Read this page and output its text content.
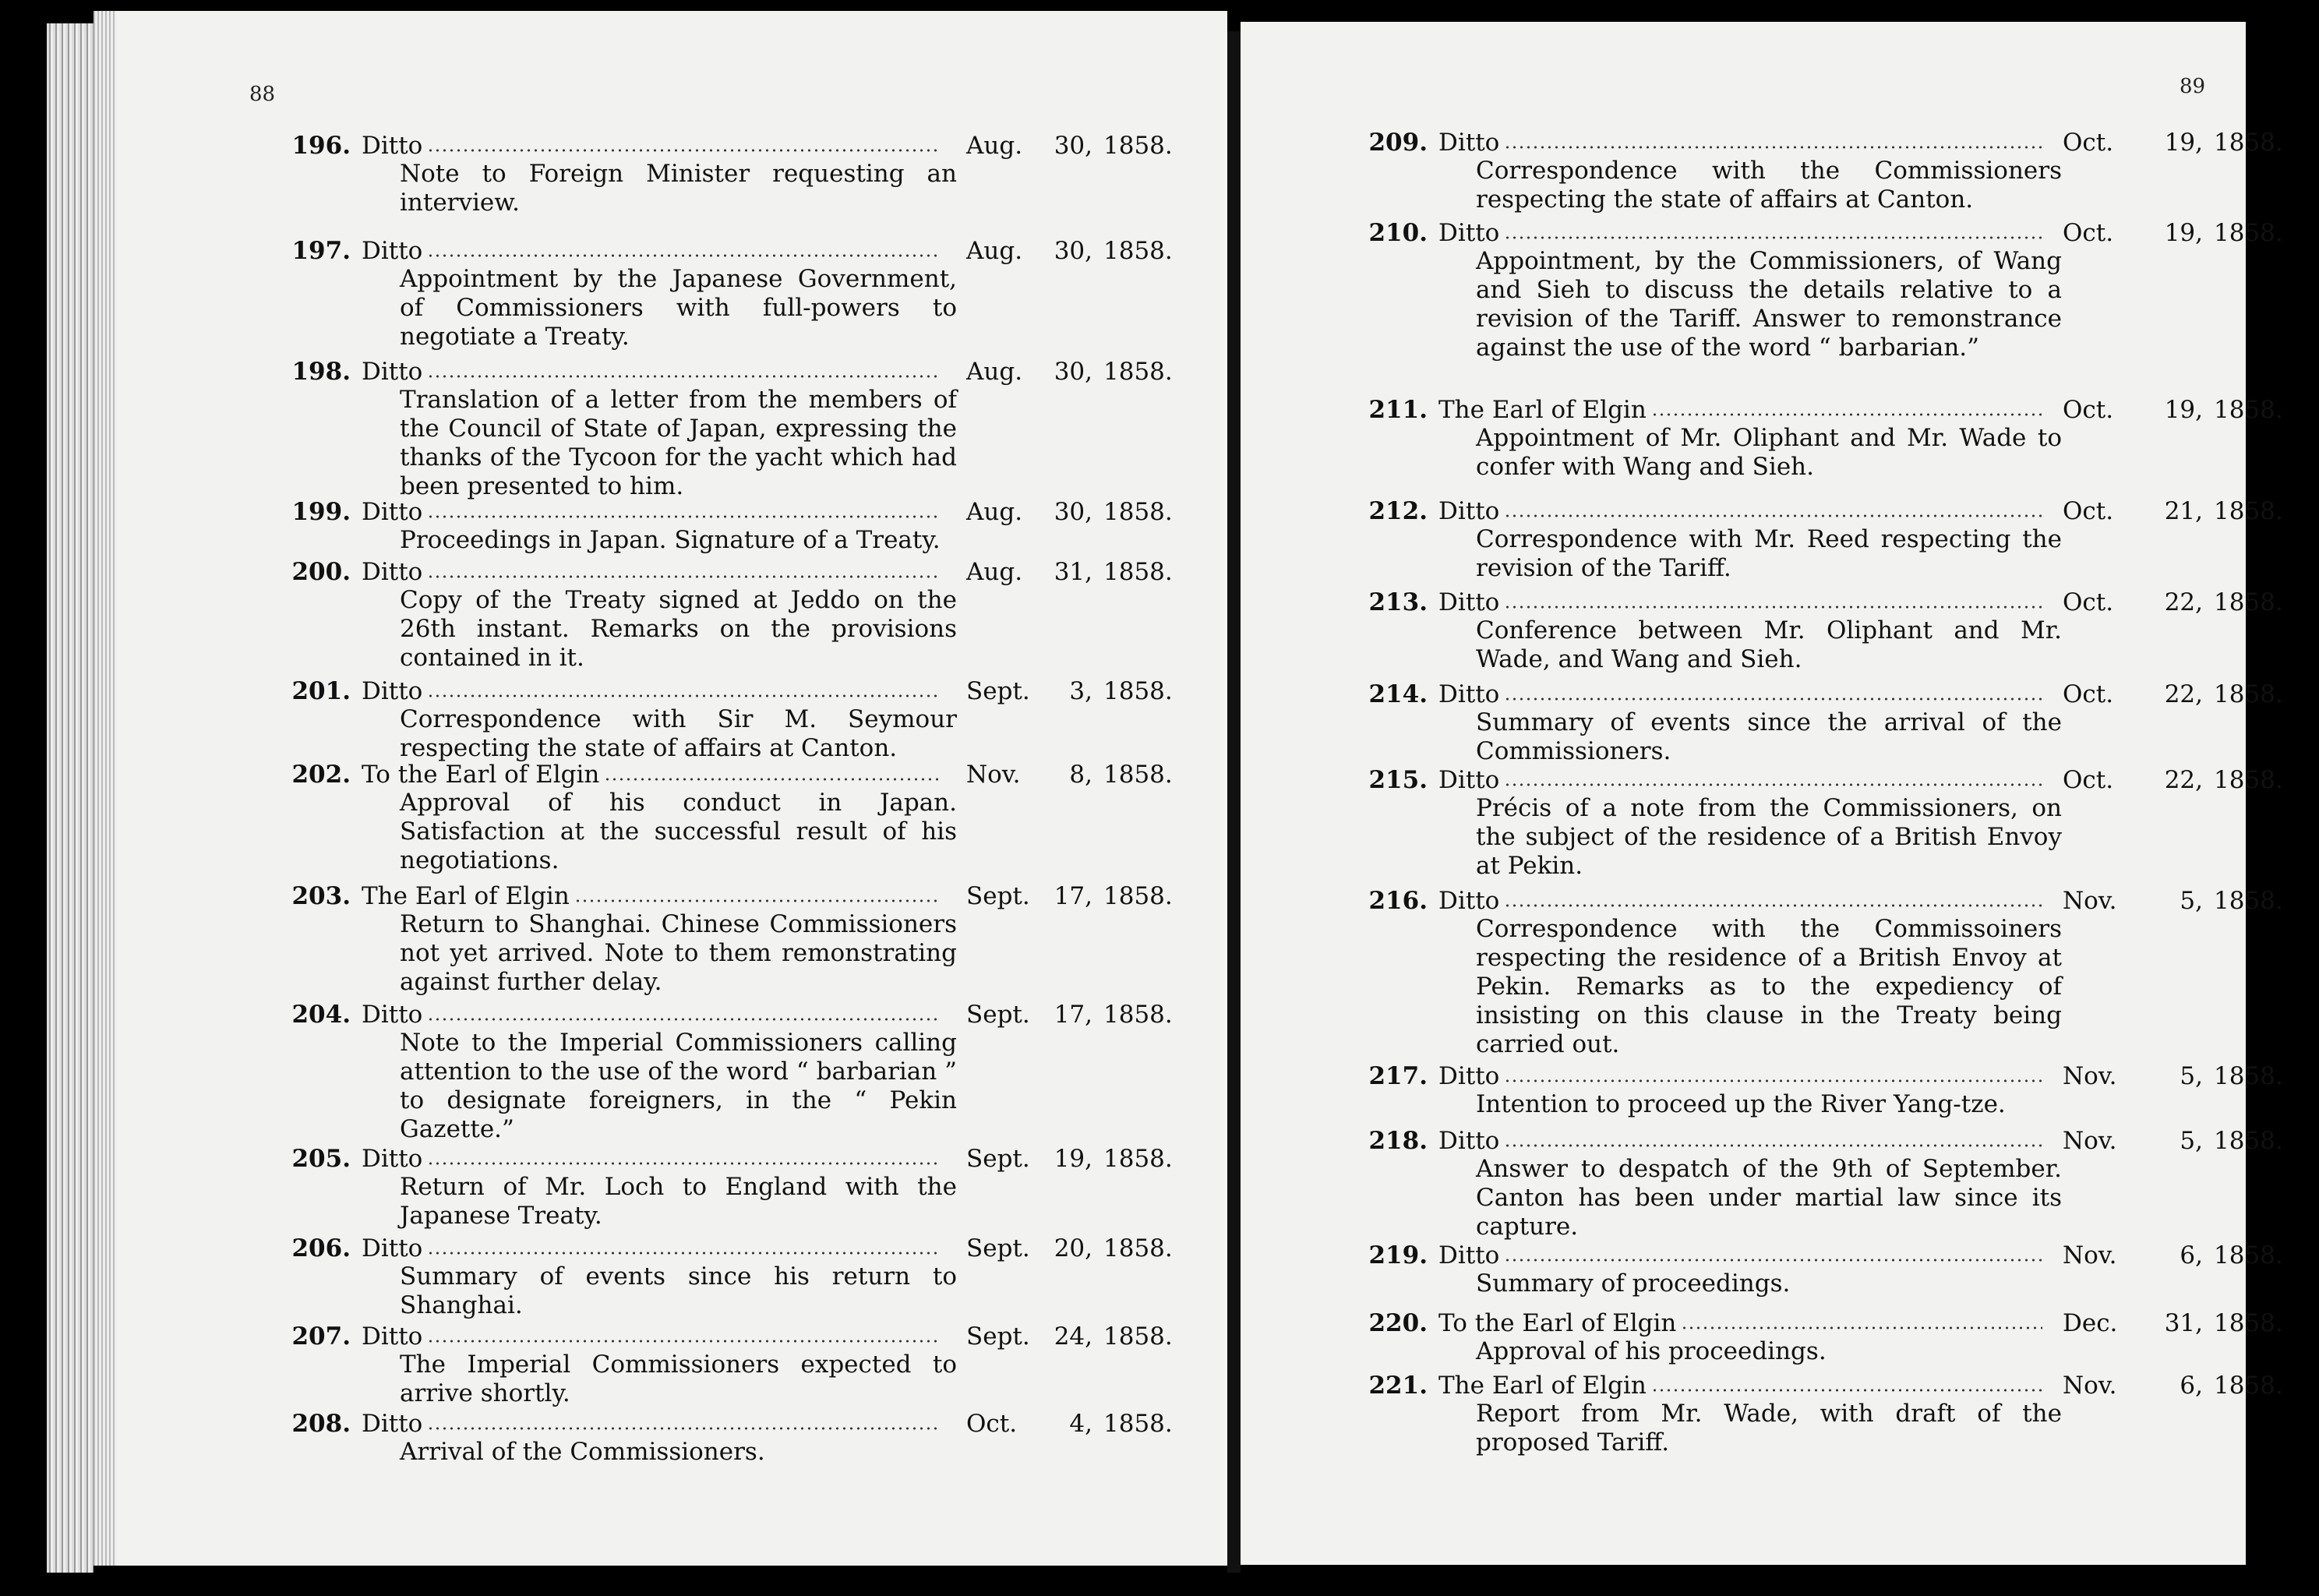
88
196. Ditto	Aug.	30, 1858.
Note to Foreign Minister requesting an interview.
197. Ditto	Aug.	30, 1858.
Appointment by the Japanese Government, of Commissioners with full-powers to negotiate a Treaty.
198. Ditto	Aug.	30, 1858.
Translation of a letter from the members of the Council of State of Japan, expressing the thanks of the Tycoon for the yacht which had been presented to him.
199. Ditto	Aug.	30, 1858.
Proceedings in Japan. Signature of a Treaty.
200. Ditto	Aug.	31, 1858.
Copy of the Treaty signed at Jeddo on the 26th instant. Remarks on the provisions contained in it.
201. Ditto	Sept.	3, 1858.
Correspondence with Sir M. Seymour respecting the state of affairs at Canton.
202. To the Earl of Elgin	Nov.	8, 1858.
Approval of his conduct in Japan. Satisfaction at the successful result of his negotiations.
203. The Earl of Elgin	Sept. 17, 1858.
Return to Shanghai. Chinese Commissioners not yet arrived. Note to them remonstrating against further delay.
204. Ditto	Sept. 17, 1858.
Note to the Imperial Commissioners calling attention to the use of the word “ barbarian ” to designate foreigners, in the “ Pekin Gazette.”
205. Ditto	Sept. 19, 1858.
Return of Mr. Loch to England with the Japanese Treaty.
206. Ditto	Sept. 20, 1858.
Summary of events since his return to Shanghai.
207. Ditto	Sept. 24, 1858.
The Imperial Commissioners expected to arrive shortly.
208. Ditto	Oct.	4, 1858.
Arrival of the Commissioners.
89
209. Ditto	Oct.	19, 1858.
Correspondence with the Commissioners respecting the state of affairs at Canton.
210. Ditto	Oct.	19, 1858.
Appointment, by the Commissioners, of Wang and Sieh to discuss the details relative to a revision of the Tariff. Answer to remonstrance against the use of the word “ barbarian.”
211. The Earl of Elgin	Oct.	19, 1858.
Appointment of Mr. Oliphant and Mr. Wade to confer with Wang and Sieh.
212. Ditto	Oct.	21, 1858.
Correspondence with Mr. Reed respecting the revision of the Tariff.
213. Ditto	Oct.	22, 1858.
Conference between Mr. Oliphant and Mr. Wade, and Wang and Sieh.
214. Ditto	Oct.	22, 1858.
Summary of events since the arrival of the Commissioners.
215. Ditto	Oct.	22, 1858.
Précis of a note from the Commissioners, on the subject of the residence of a British Envoy at Pekin.
216. Ditto	Nov.	5, 1858.
Correspondence with the Commissoiners respecting the residence of a British Envoy at Pekin. Remarks as to the expediency of insisting on this clause in the Treaty being carried out.
217. Ditto	Nov.	5, 1858.
Intention to proceed up the River Yang-tze.
218. Ditto	Nov.	5, 1858.
Answer to despatch of the 9th of September. Canton has been under martial law since its capture.
219. Ditto	Nov.	6, 1858.
Summary of proceedings.
220. To the Earl of Elgin	Dec.	31, 1858.
Approval of his proceedings.
221. The Earl of Elgin	Nov.	6, 1858.
Report from Mr. Wade, with draft of the proposed Tariff.
